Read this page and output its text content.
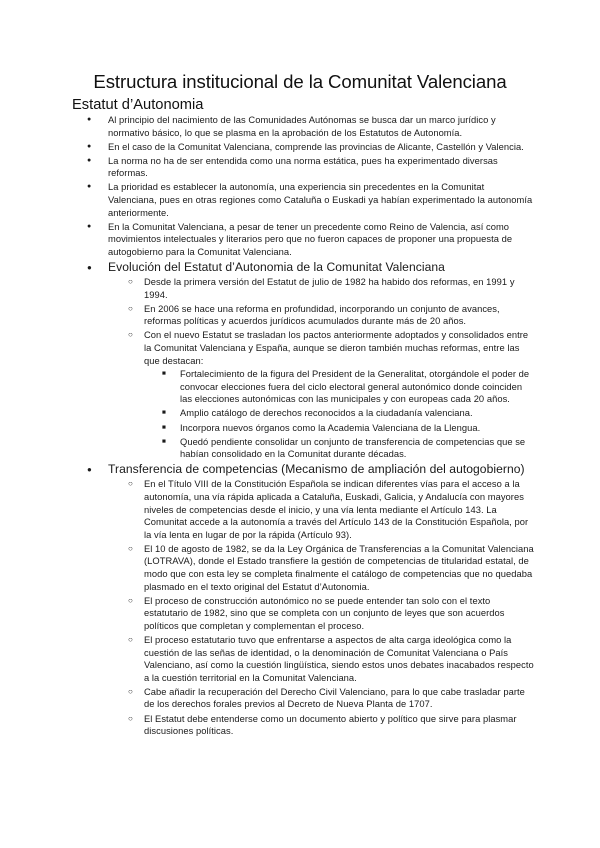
Estructura institucional de la Comunitat Valenciana
Estatut d’Autonomia
● Al principio del nacimiento de las Comunidades Autónomas se busca dar un marco jurídico y normativo básico, lo que se plasma en la aprobación de los Estatutos de Autonomía.
● En el caso de la Comunitat Valenciana, comprende las provincias de Alicante, Castellón y Valencia.
● La norma no ha de ser entendida como una norma estática, pues ha experimentado diversas reformas.
● La prioridad es establecer la autonomía, una experiencia sin precedentes en la Comunitat Valenciana, pues en otras regiones como Cataluña o Euskadi ya habían experimentado la autonomía anteriormente.
● En la Comunitat Valenciana, a pesar de tener un precedente como Reino de Valencia, así como movimientos intelectuales y literarios pero que no fueron capaces de proponer una propuesta de autogobierno para la Comunitat Valenciana.
● Evolución del Estatut d’Autonomia de la Comunitat Valenciana
○ Desde la primera versión del Estatut de julio de 1982 ha habido dos reformas, en 1991 y 1994.
○ En 2006 se hace una reforma en profundidad, incorporando un conjunto de avances, reformas políticas y acuerdos jurídicos acumulados durante más de 20 años.
○ Con el nuevo Estatut se trasladan los pactos anteriormente adoptados y consolidados entre la Comunitat Valenciana y España, aunque se dieron también muchas reformas, entre las que destacan:
■ Fortalecimiento de la figura del President de la Generalitat, otorgándole el poder de convocar elecciones fuera del ciclo electoral general autonómico donde coinciden las elecciones autonómicas con las municipales y con europeas cada 20 años.
■ Amplio catálogo de derechos reconocidos a la ciudadanía valenciana.
■ Incorpora nuevos órganos como la Academia Valenciana de la Llengua.
■ Quedó pendiente consolidar un conjunto de transferencia de competencias que se habían consolidado en la Comunitat durante décadas.
● Transferencia de competencias (Mecanismo de ampliación del autogobierno)
○ En el Título VIII de la Constitución Española se indican diferentes vías para el acceso a la autonomía, una vía rápida aplicada a Cataluña, Euskadi, Galicia, y Andalucía con mayores niveles de competencias desde el inicio, y una vía lenta mediante el Artículo 143. La Comunitat accede a la autonomía a través del Artículo 143 de la Constitución Española, por la vía lenta en lugar de por la rápida (Artículo 93).
○ El 10 de agosto de 1982, se da la Ley Orgánica de Transferencias a la Comunitat Valenciana (LOTRAVA), donde el Estado transfiere la gestión de competencias de titularidad estatal, de modo que con esta ley se completa finalmente el catálogo de competencias que no quedaba plasmado en el texto original del Estatut d’Autonomia.
○ El proceso de construcción autonómico no se puede entender tan solo con el texto estatutario de 1982, sino que se completa con un conjunto de leyes que son acuerdos políticos que completan y complementan el proceso.
○ El proceso estatutario tuvo que enfrentarse a aspectos de alta carga ideológica como la cuestión de las señas de identidad, o la denominación de Comunitat Valenciana o País Valenciano, así como la cuestión lingüística, siendo estos unos debates inacabados respecto a la cuestión territorial en la Comunitat Valenciana.
○ Cabe añadir la recuperación del Derecho Civil Valenciano, para lo que cabe trasladar parte de los derechos forales previos al Decreto de Nueva Planta de 1707.
○ El Estatut debe entenderse como un documento abierto y político que sirve para plasmar discusiones políticas.
